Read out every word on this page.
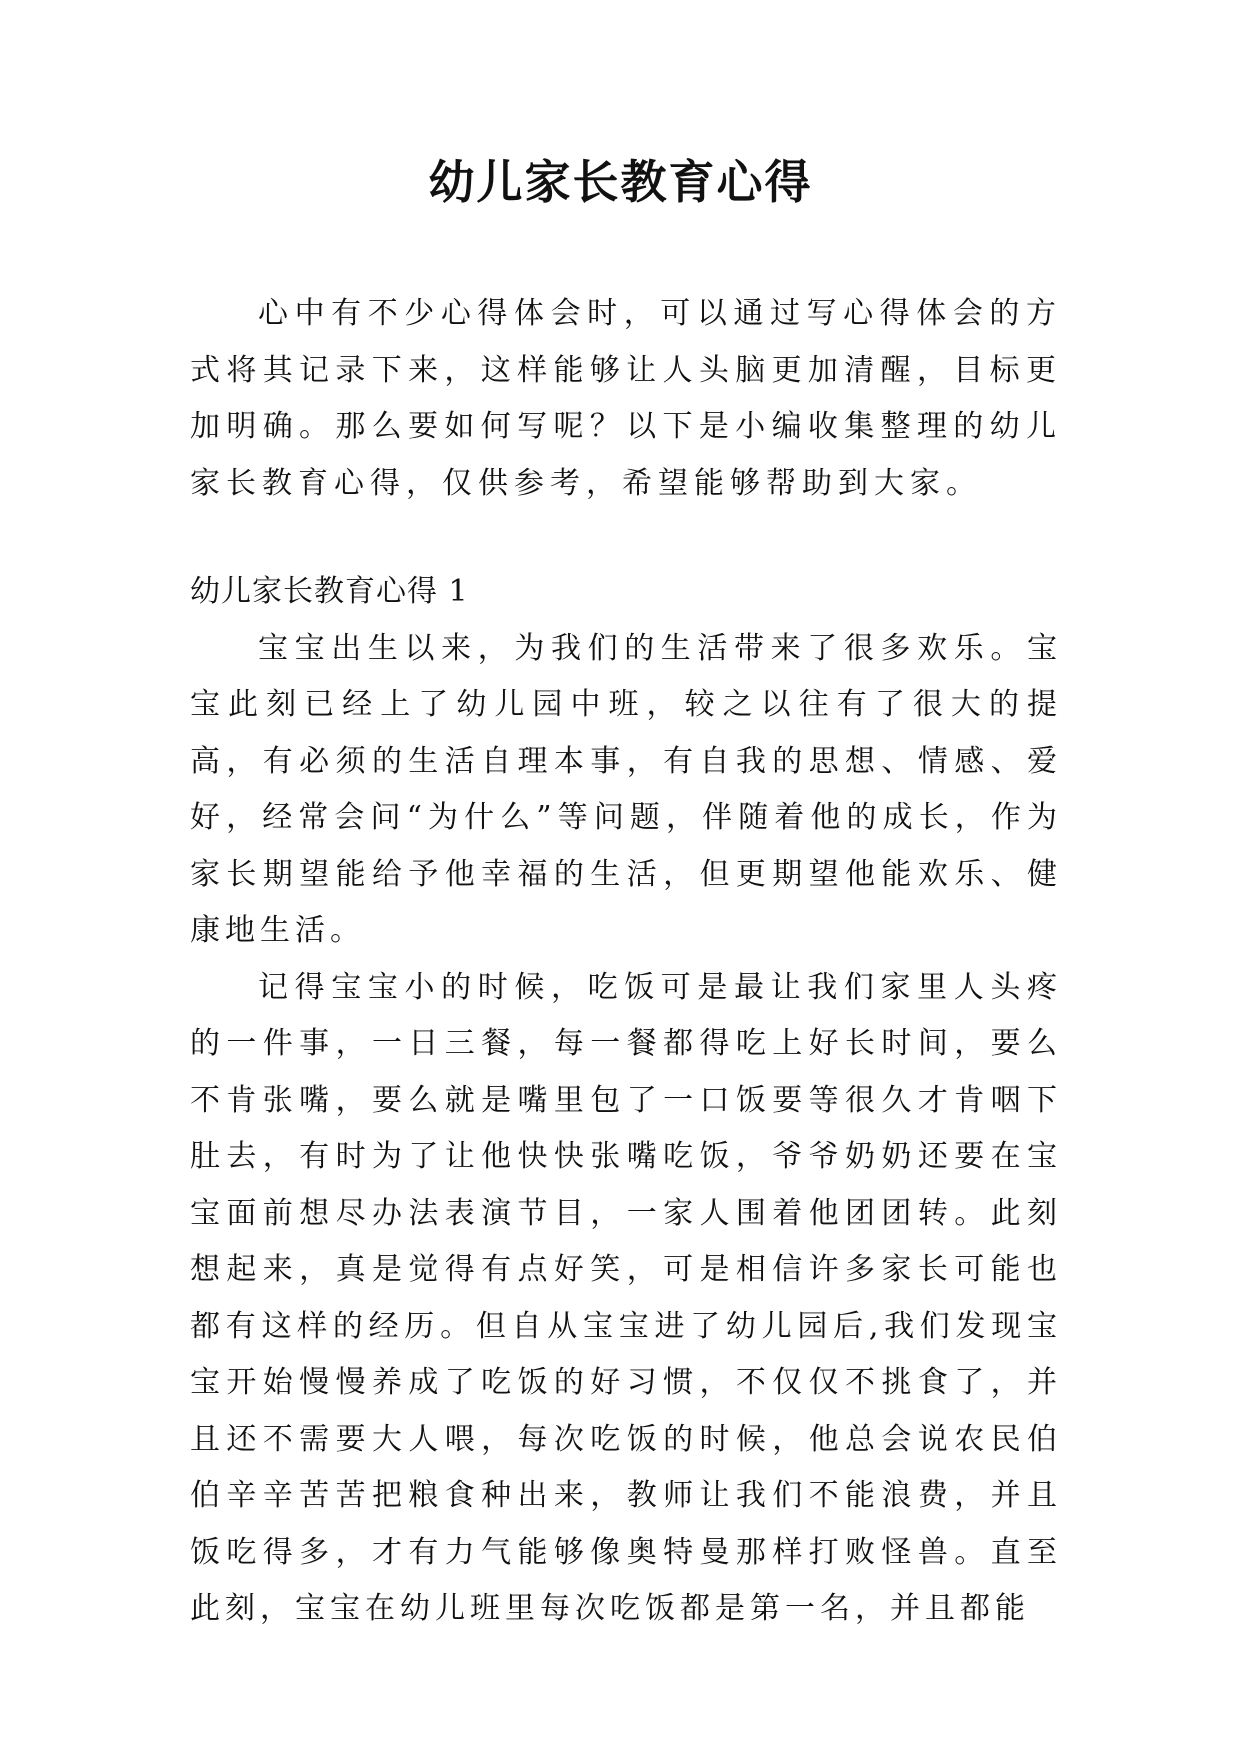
幼儿家长教育心得

心中有不少心得体会时，可以通过写心得体会的方式将其记录下来，这样能够让人头脑更加清醒，目标更加明确。那么要如何写呢？以下是小编收集整理的幼儿家长教育心得，仅供参考，希望能够帮助到大家。

幼儿家长教育心得 1

宝宝出生以来，为我们的生活带来了很多欢乐。宝宝此刻已经上了幼儿园中班，较之以往有了很大的提高，有必须的生活自理本事，有自我的思想、情感、爱好，经常会问“为什么”等问题，伴随着他的成长，作为家长期望能给予他幸福的生活，但更期望他能欢乐、健康地生活。

记得宝宝小的时候，吃饭可是最让我们家里人头疼的一件事，一日三餐，每一餐都得吃上好长时间，要么不肯张嘴，要么就是嘴里包了一口饭要等很久才肯咽下肚去，有时为了让他快快张嘴吃饭，爷爷奶奶还要在宝宝面前想尽办法表演节目，一家人围着他团团转。此刻想起来，真是觉得有点好笑，可是相信许多家长可能也都有这样的经历。但自从宝宝进了幼儿园后,我们发现宝宝开始慢慢养成了吃饭的好习惯，不仅仅不挑食了，并且还不需要大人喂，每次吃饭的时候，他总会说农民伯伯辛辛苦苦把粮食种出来，教师让我们不能浪费，并且饭吃得多，才有力气能够像奥特曼那样打败怪兽。直至此刻，宝宝在幼儿班里每次吃饭都是第一名，并且都能
